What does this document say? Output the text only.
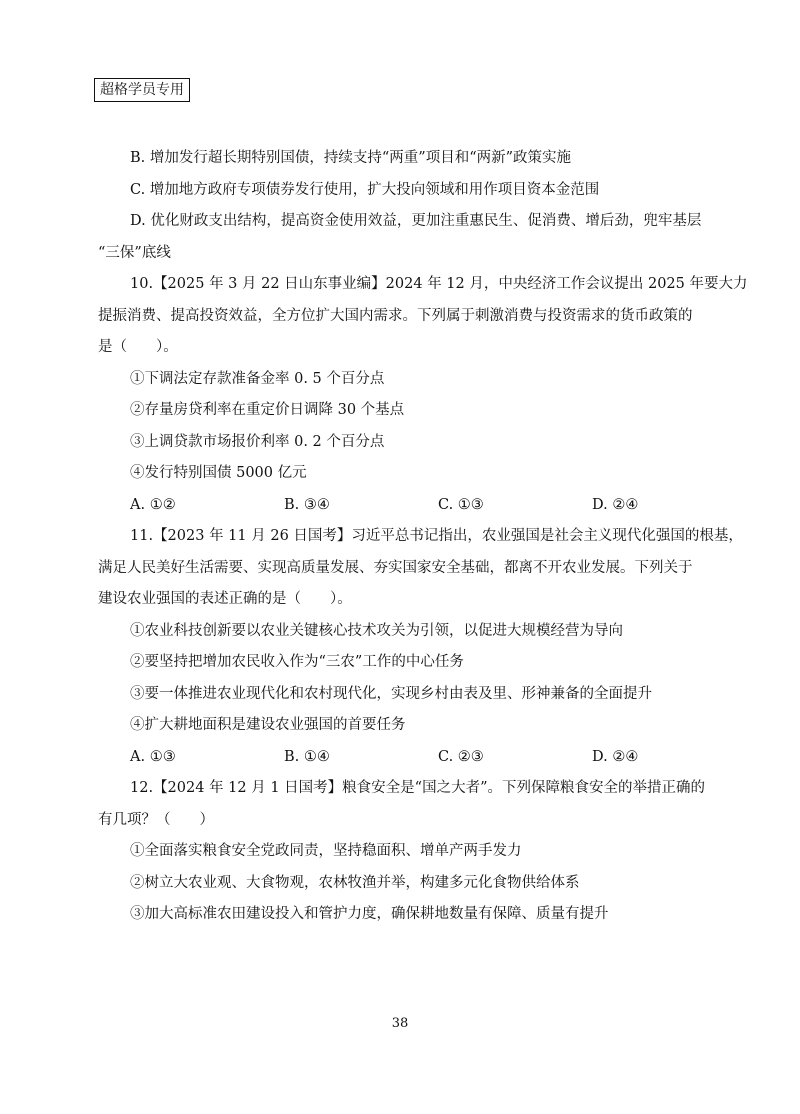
超格学员专用
B. 增加发行超长期特别国债，持续支持“两重”项目和“两新”政策实施
C. 增加地方政府专项债券发行使用，扩大投向领域和用作项目资本金范围
D. 优化财政支出结构，提高资金使用效益，更加注重惠民生、促消费、增后劲，兜牢基层
“三保”底线
10.【2025 年 3 月 22 日山东事业编】2024 年 12 月，中央经济工作会议提出 2025 年要大力
提振消费、提高投资效益，全方位扩大国内需求。下列属于刺激消费与投资需求的货币政策的
是（　　）。
①下调法定存款准备金率 0. 5 个百分点
②存量房贷利率在重定价日调降 30 个基点
③上调贷款市场报价利率 0. 2 个百分点
④发行特别国债 5000 亿元
A. ①②	B. ③④	C. ①③	D. ②④
11.【2023 年 11 月 26 日国考】习近平总书记指出，农业强国是社会主义现代化强国的根基，
满足人民美好生活需要、实现高质量发展、夯实国家安全基础，都离不开农业发展。下列关于
建设农业强国的表述正确的是（　　）。
①农业科技创新要以农业关键核心技术攻关为引领，以促进大规模经营为导向
②要坚持把增加农民收入作为“三农”工作的中心任务
③要一体推进农业现代化和农村现代化，实现乡村由表及里、形神兼备的全面提升
④扩大耕地面积是建设农业强国的首要任务
A. ①③	B. ①④	C. ②③	D. ②④
12.【2024 年 12 月 1 日国考】粮食安全是“国之大者”。下列保障粮食安全的举措正确的
有几项？（　　）
①全面落实粮食安全党政同责，坚持稳面积、增单产两手发力
②树立大农业观、大食物观，农林牧渔并举，构建多元化食物供给体系
③加大高标准农田建设投入和管护力度，确保耕地数量有保障、质量有提升
38
